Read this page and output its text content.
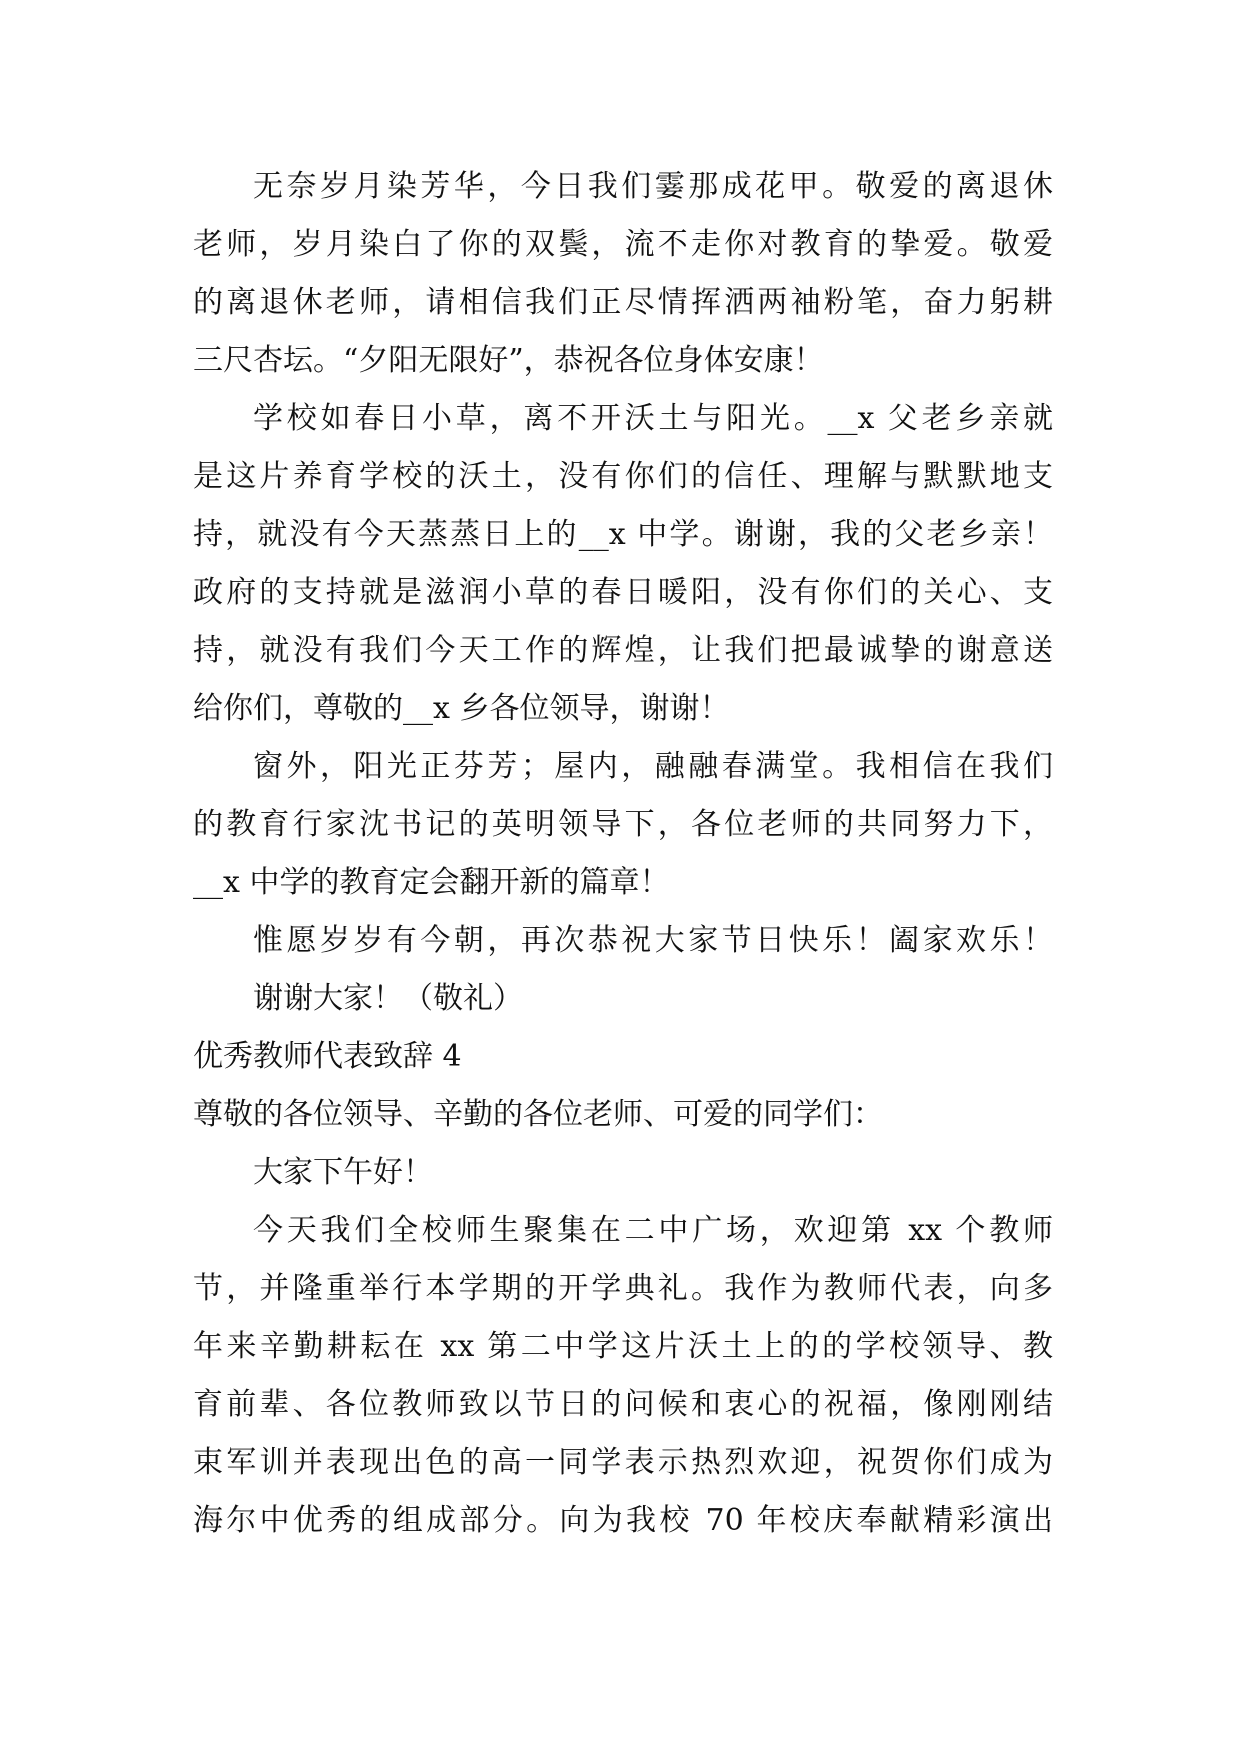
无奈岁月染芳华，今日我们霎那成花甲。敬爱的离退休
老师，岁月染白了你的双鬓，流不走你对教育的挚爱。敬爱
的离退休老师，请相信我们正尽情挥洒两袖粉笔，奋力躬耕
三尺杏坛。“夕阳无限好”，恭祝各位身体安康！
学校如春日小草，离不开沃土与阳光。__x 父老乡亲就
是这片养育学校的沃土，没有你们的信任、理解与默默地支
持，就没有今天蒸蒸日上的__x 中学。谢谢，我的父老乡亲！
政府的支持就是滋润小草的春日暖阳，没有你们的关心、支
持，就没有我们今天工作的辉煌，让我们把最诚挚的谢意送
给你们，尊敬的__x 乡各位领导，谢谢！
窗外，阳光正芬芳；屋内，融融春满堂。我相信在我们
的教育行家沈书记的英明领导下，各位老师的共同努力下，
__x 中学的教育定会翻开新的篇章！
惟愿岁岁有今朝，再次恭祝大家节日快乐！阖家欢乐！
谢谢大家！（敬礼）
优秀教师代表致辞 4
尊敬的各位领导、辛勤的各位老师、可爱的同学们：
大家下午好！
今天我们全校师生聚集在二中广场，欢迎第 xx 个教师
节，并隆重举行本学期的开学典礼。我作为教师代表，向多
年来辛勤耕耘在 xx 第二中学这片沃土上的的学校领导、教
育前辈、各位教师致以节日的问候和衷心的祝福，像刚刚结
束军训并表现出色的高一同学表示热烈欢迎，祝贺你们成为
海尔中优秀的组成部分。向为我校 70 年校庆奉献精彩演出
